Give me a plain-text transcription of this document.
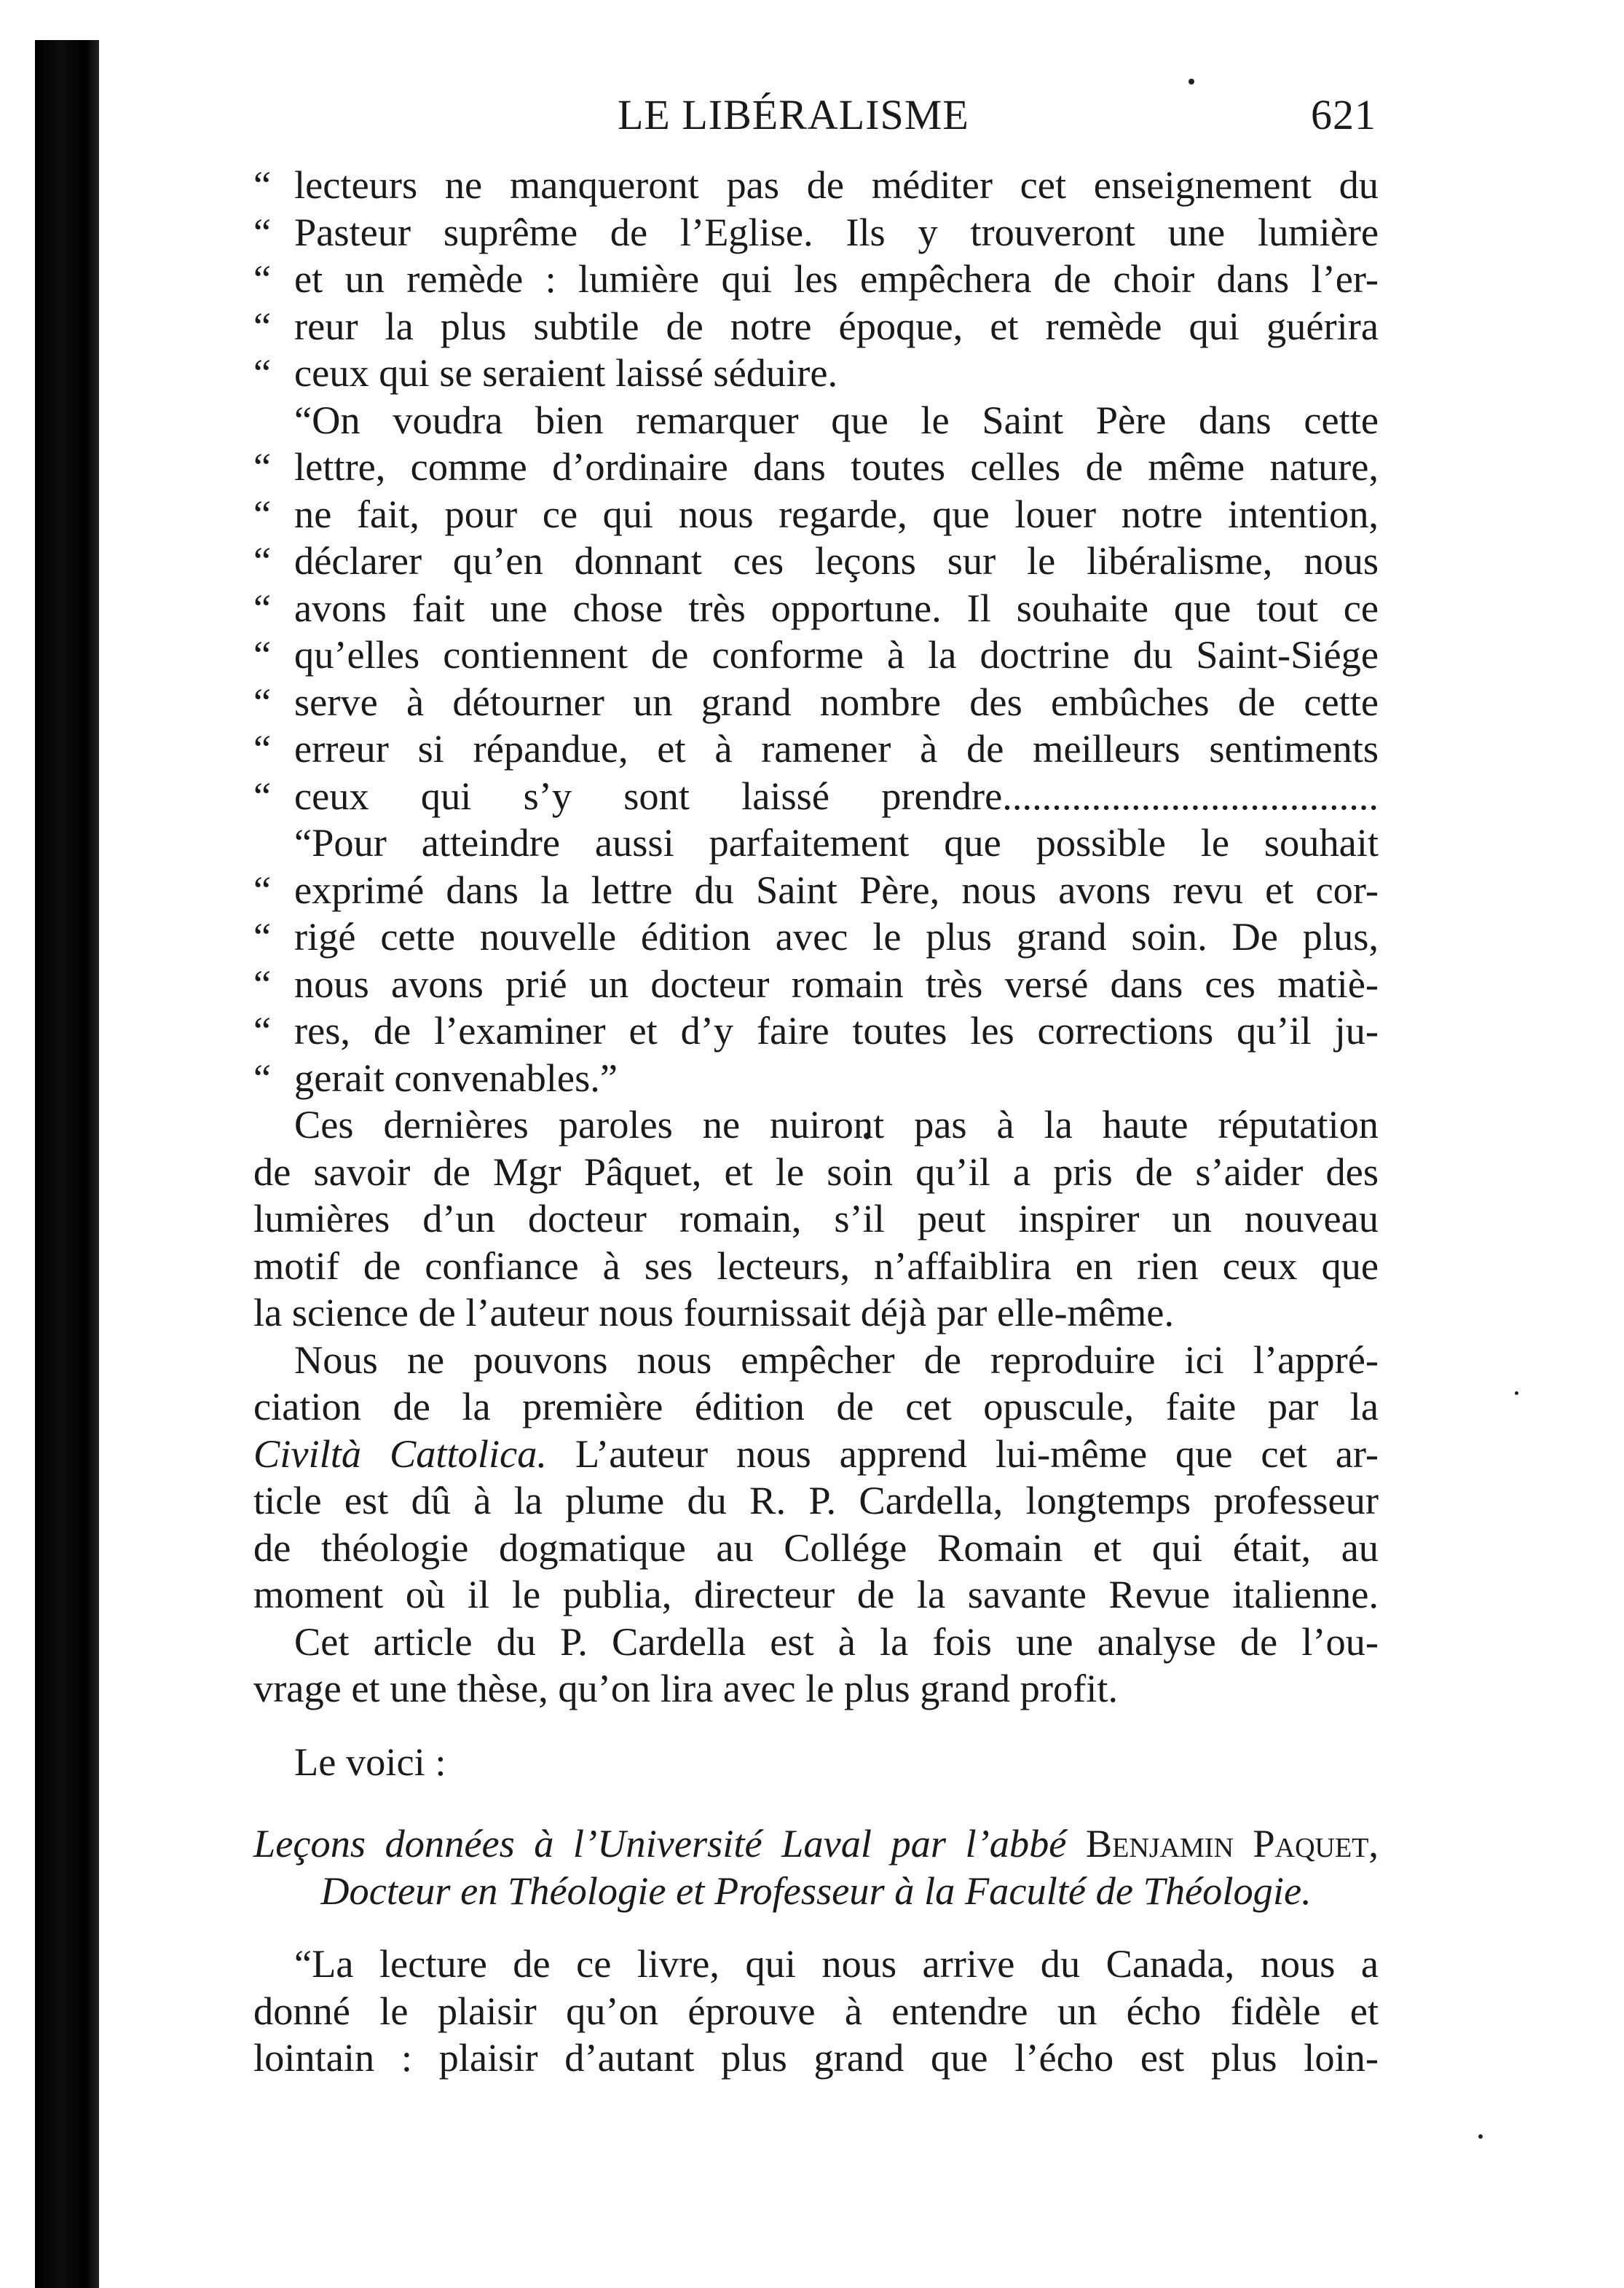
LE LIBÉRALISME	621

“ lecteurs ne manqueront pas de méditer cet enseignement du

“ Pasteur suprême de l’Eglise. Ils y trouveront une lumière

“ et un remède : lumière qui les empêchera de choir dans l’er-

“ reur la plus subtile de notre époque, et remède qui guérira

“ ceux qui se seraient laissé séduire.

“On voudra bien remarquer que le Saint Père dans cette

“ lettre, comme d’ordinaire dans toutes celles de même nature,

“ ne fait, pour ce qui nous regarde, que louer notre intention,

“ déclarer qu’en donnant ces leçons sur le libéralisme, nous

“ avons fait une chose très opportune. Il souhaite que tout ce

“ qu’elles contiennent de conforme à la doctrine du Saint-Siége

“ serve à détourner un grand nombre des embûches de cette

“ erreur si répandue, et à ramener à de meilleurs sentiments

“ ceux qui s’y sont laissé prendre......................................

“Pour atteindre aussi parfaitement que possible le souhait

“ exprimé dans la lettre du Saint Père, nous avons revu et cor-

“ rigé cette nouvelle édition avec le plus grand soin. De plus,

“ nous avons prié un docteur romain très versé dans ces matiè-

“ res, de l’examiner et d’y faire toutes les corrections qu’il ju-

“ gerait convenables.”

Ces dernières paroles ne nuiront pas à la haute réputation

de savoir de Mgr Pâquet, et le soin qu’il a pris de s’aider des

lumières d’un docteur romain, s’il peut inspirer un nouveau

motif de confiance à ses lecteurs, n’affaiblira en rien ceux que

la science de l’auteur nous fournissait déjà par elle-même.

Nous ne pouvons nous empêcher de reproduire ici l’appré-

ciation de la première édition de cet opuscule, faite par la

Civiltà Cattolica. L’auteur nous apprend lui-même que cet ar-

ticle est dû à la plume du R. P. Cardella, longtemps professeur

de théologie dogmatique au Collége Romain et qui était, au

moment où il le publia, directeur de la savante Revue italienne.

Cet article du P. Cardella est à la fois une analyse de l’ou-

vrage et une thèse, qu’on lira avec le plus grand profit.

Le voici :

Leçons données à l’Université Laval par l’abbé Benjamin Paquet,

Docteur en Théologie et Professeur à la Faculté de Théologie.

“La lecture de ce livre, qui nous arrive du Canada, nous a

donné le plaisir qu’on éprouve à entendre un écho fidèle et

lointain : plaisir d’autant plus grand que l’écho est plus loin-
